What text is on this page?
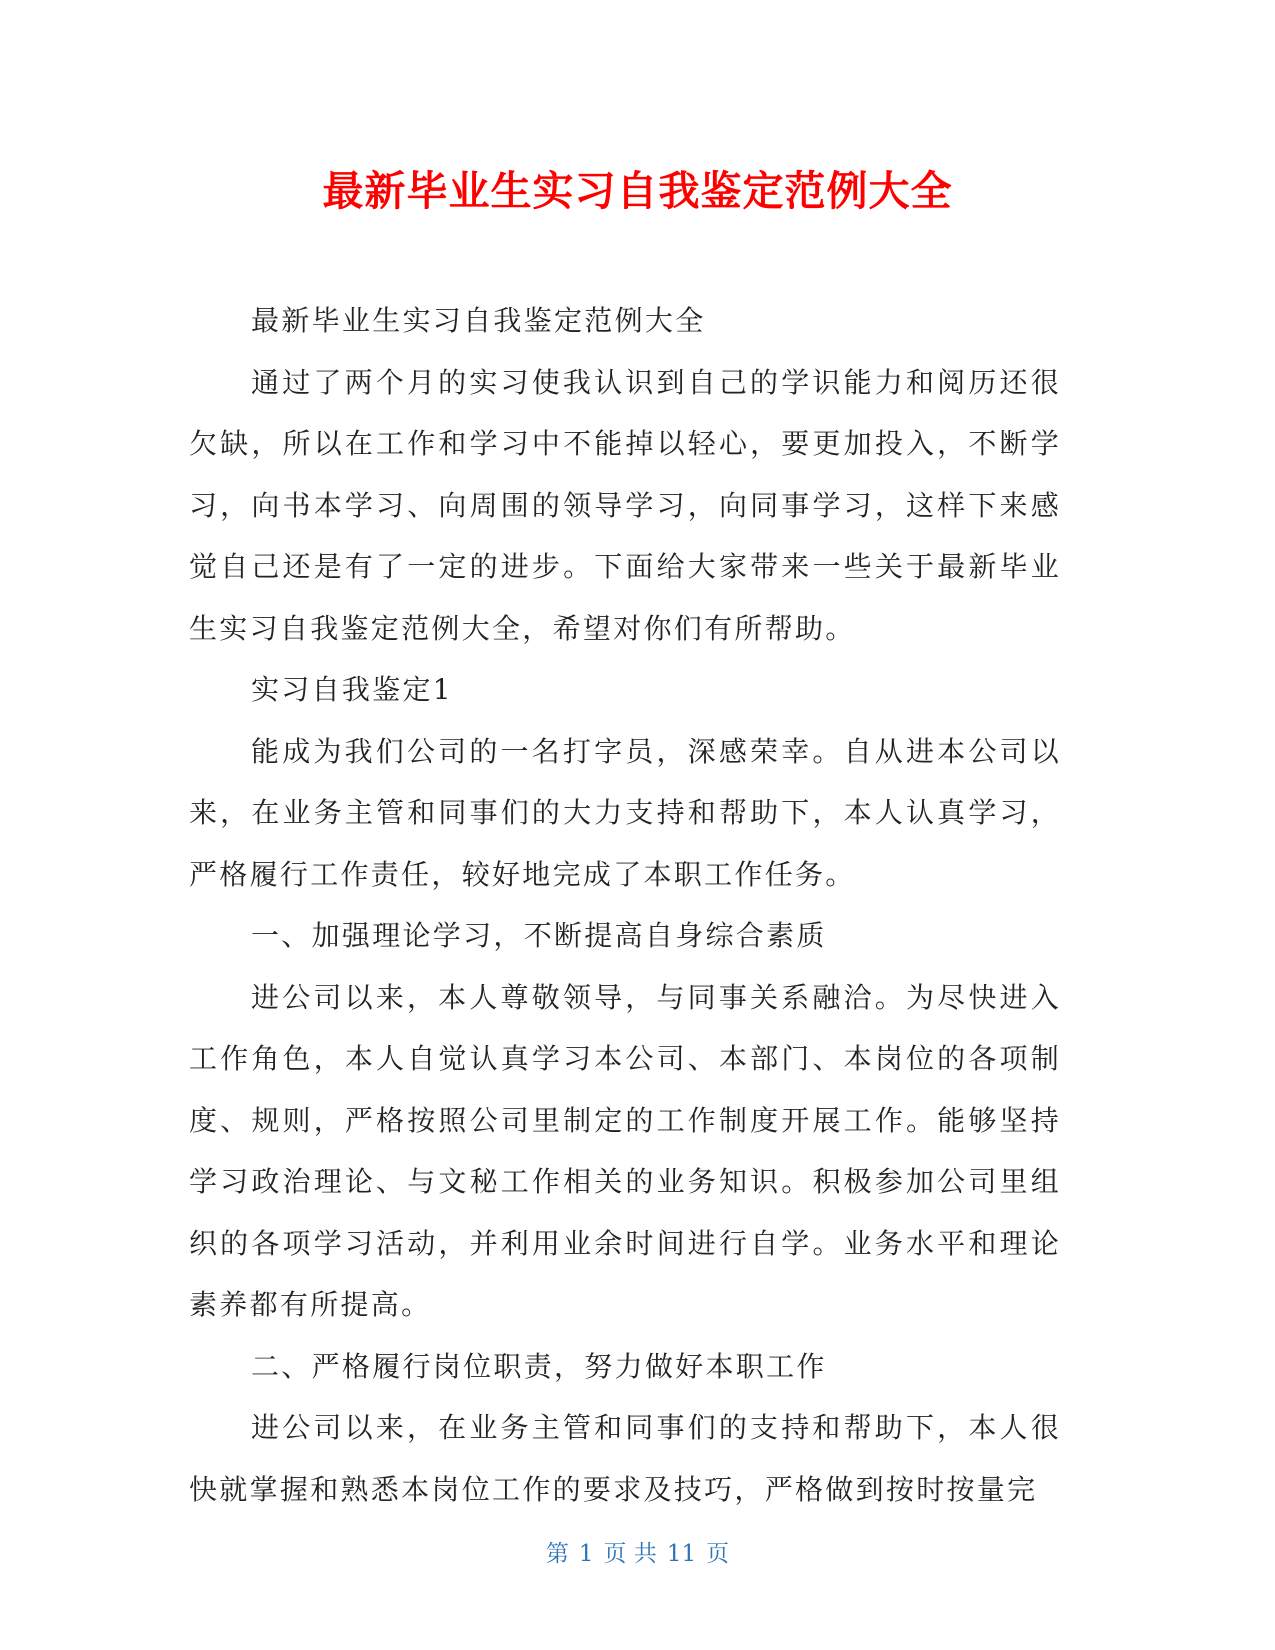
最新毕业生实习自我鉴定范例大全

最新毕业生实习自我鉴定范例大全

通过了两个月的实习使我认识到自己的学识能力和阅历还很欠缺，所以在工作和学习中不能掉以轻心，要更加投入，不断学习，向书本学习、向周围的领导学习，向同事学习，这样下来感觉自己还是有了一定的进步。下面给大家带来一些关于最新毕业生实习自我鉴定范例大全，希望对你们有所帮助。

实习自我鉴定1

能成为我们公司的一名打字员，深感荣幸。自从进本公司以来，在业务主管和同事们的大力支持和帮助下，本人认真学习，严格履行工作责任，较好地完成了本职工作任务。

一、加强理论学习，不断提高自身综合素质

进公司以来，本人尊敬领导，与同事关系融洽。为尽快进入工作角色，本人自觉认真学习本公司、本部门、本岗位的各项制度、规则，严格按照公司里制定的工作制度开展工作。能够坚持学习政治理论、与文秘工作相关的业务知识。积极参加公司里组织的各项学习活动，并利用业余时间进行自学。业务水平和理论素养都有所提高。

二、严格履行岗位职责，努力做好本职工作

进公司以来，在业务主管和同事们的支持和帮助下，本人很快就掌握和熟悉本岗位工作的要求及技巧，严格做到按时按量完

第 1 页 共 11 页
